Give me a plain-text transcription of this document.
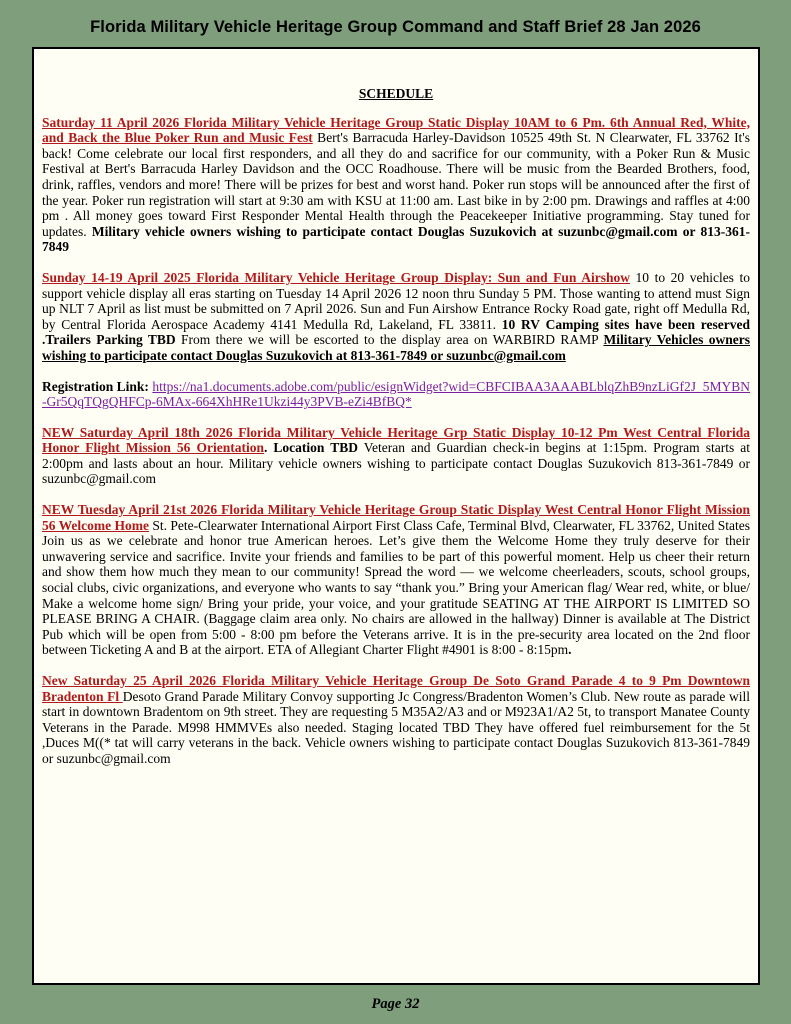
Florida Military Vehicle Heritage Group Command and Staff Brief 28 Jan 2026
SCHEDULE
Saturday 11 April 2026 Florida Military Vehicle Heritage Group Static Display 10AM to 6 Pm. 6th Annual Red, White, and Back the Blue Poker Run and Music Fest Bert's Barracuda Harley-Davidson 10525 49th St. N Clearwater, FL 33762 It's back! Come celebrate our local first responders, and all they do and sacrifice for our community, with a Poker Run & Music Festival at Bert's Barracuda Harley Davidson and the OCC Roadhouse. There will be music from the Bearded Brothers, food, drink, raffles, vendors and more! There will be prizes for best and worst hand. Poker run stops will be announced after the first of the year. Poker run registration will start at 9:30 am with KSU at 11:00 am. Last bike in by 2:00 pm. Drawings and raffles at 4:00 pm . All money goes toward First Responder Mental Health through the Peacekeeper Initiative programming. Stay tuned for updates. Military vehicle owners wishing to participate contact Douglas Suzukovich at suzunbc@gmail.com or 813-361-7849
Sunday 14-19 April 2025 Florida Military Vehicle Heritage Group Display: Sun and Fun Airshow 10 to 20 vehicles to support vehicle display all eras starting on Tuesday 14 April 2026 12 noon thru Sunday 5 PM. Those wanting to attend must Sign up NLT 7 April as list must be submitted on 7 April 2026. Sun and Fun Airshow Entrance Rocky Road gate, right off Medulla Rd, by Central Florida Aerospace Academy 4141 Medulla Rd, Lakeland, FL 33811. 10 RV Camping sites have been reserved .Trailers Parking TBD From there we will be escorted to the display area on WARBIRD RAMP Military Vehicles owners wishing to participate contact Douglas Suzukovich at 813-361-7849 or suzunbc@gmail.com
Registration Link: https://na1.documents.adobe.com/public/esignWidget?wid=CBFCIBAA3AAABLblqZhB9nzLiGf2J_5MYBN-Gr5QqTQgQHFCp-6MAx-664XhHRe1Ukzi44y3PVB-eZi4BfBQ*
NEW Saturday April 18th 2026 Florida Military Vehicle Heritage Grp Static Display 10-12 Pm West Central Florida Honor Flight Mission 56 Orientation. Location TBD Veteran and Guardian check-in begins at 1:15pm. Program starts at 2:00pm and lasts about an hour. Military vehicle owners wishing to participate contact Douglas Suzukovich 813-361-7849 or suzunbc@gmail.com
NEW Tuesday April 21st 2026 Florida Military Vehicle Heritage Group Static Display West Central Honor Flight Mission 56 Welcome Home St. Pete-Clearwater International Airport First Class Cafe, Terminal Blvd, Clearwater, FL 33762, United States Join us as we celebrate and honor true American heroes. Let’s give them the Welcome Home they truly deserve for their unwavering service and sacrifice. Invite your friends and families to be part of this powerful moment. Help us cheer their return and show them how much they mean to our community! Spread the word — we welcome cheerleaders, scouts, school groups, social clubs, civic organizations, and everyone who wants to say “thank you.” Bring your American flag/ Wear red, white, or blue/ Make a welcome home sign/ Bring your pride, your voice, and your gratitude SEATING AT THE AIRPORT IS LIMITED SO PLEASE BRING A CHAIR. (Baggage claim area only. No chairs are allowed in the hallway) Dinner is available at The District Pub which will be open from 5:00 - 8:00 pm before the Veterans arrive. It is in the pre-security area located on the 2nd floor between Ticketing A and B at the airport. ETA of Allegiant Charter Flight #4901 is 8:00 - 8:15pm.
New Saturday 25 April 2026 Florida Military Vehicle Heritage Group De Soto Grand Parade 4 to 9 Pm Downtown Bradenton Fl Desoto Grand Parade Military Convoy supporting Jc Congress/Bradenton Women’s Club. New route as parade will start in downtown Bradentom on 9th street. They are requesting 5 M35A2/A3 and or M923A1/A2 5t, to transport Manatee County Veterans in the Parade. M998 HMMVEs also needed. Staging located TBD They have offered fuel reimbursement for the 5t ,Duces M((* tat will carry veterans in the back. Vehicle owners wishing to participate contact Douglas Suzukovich 813-361-7849 or suzunbc@gmail.com
Page 32
